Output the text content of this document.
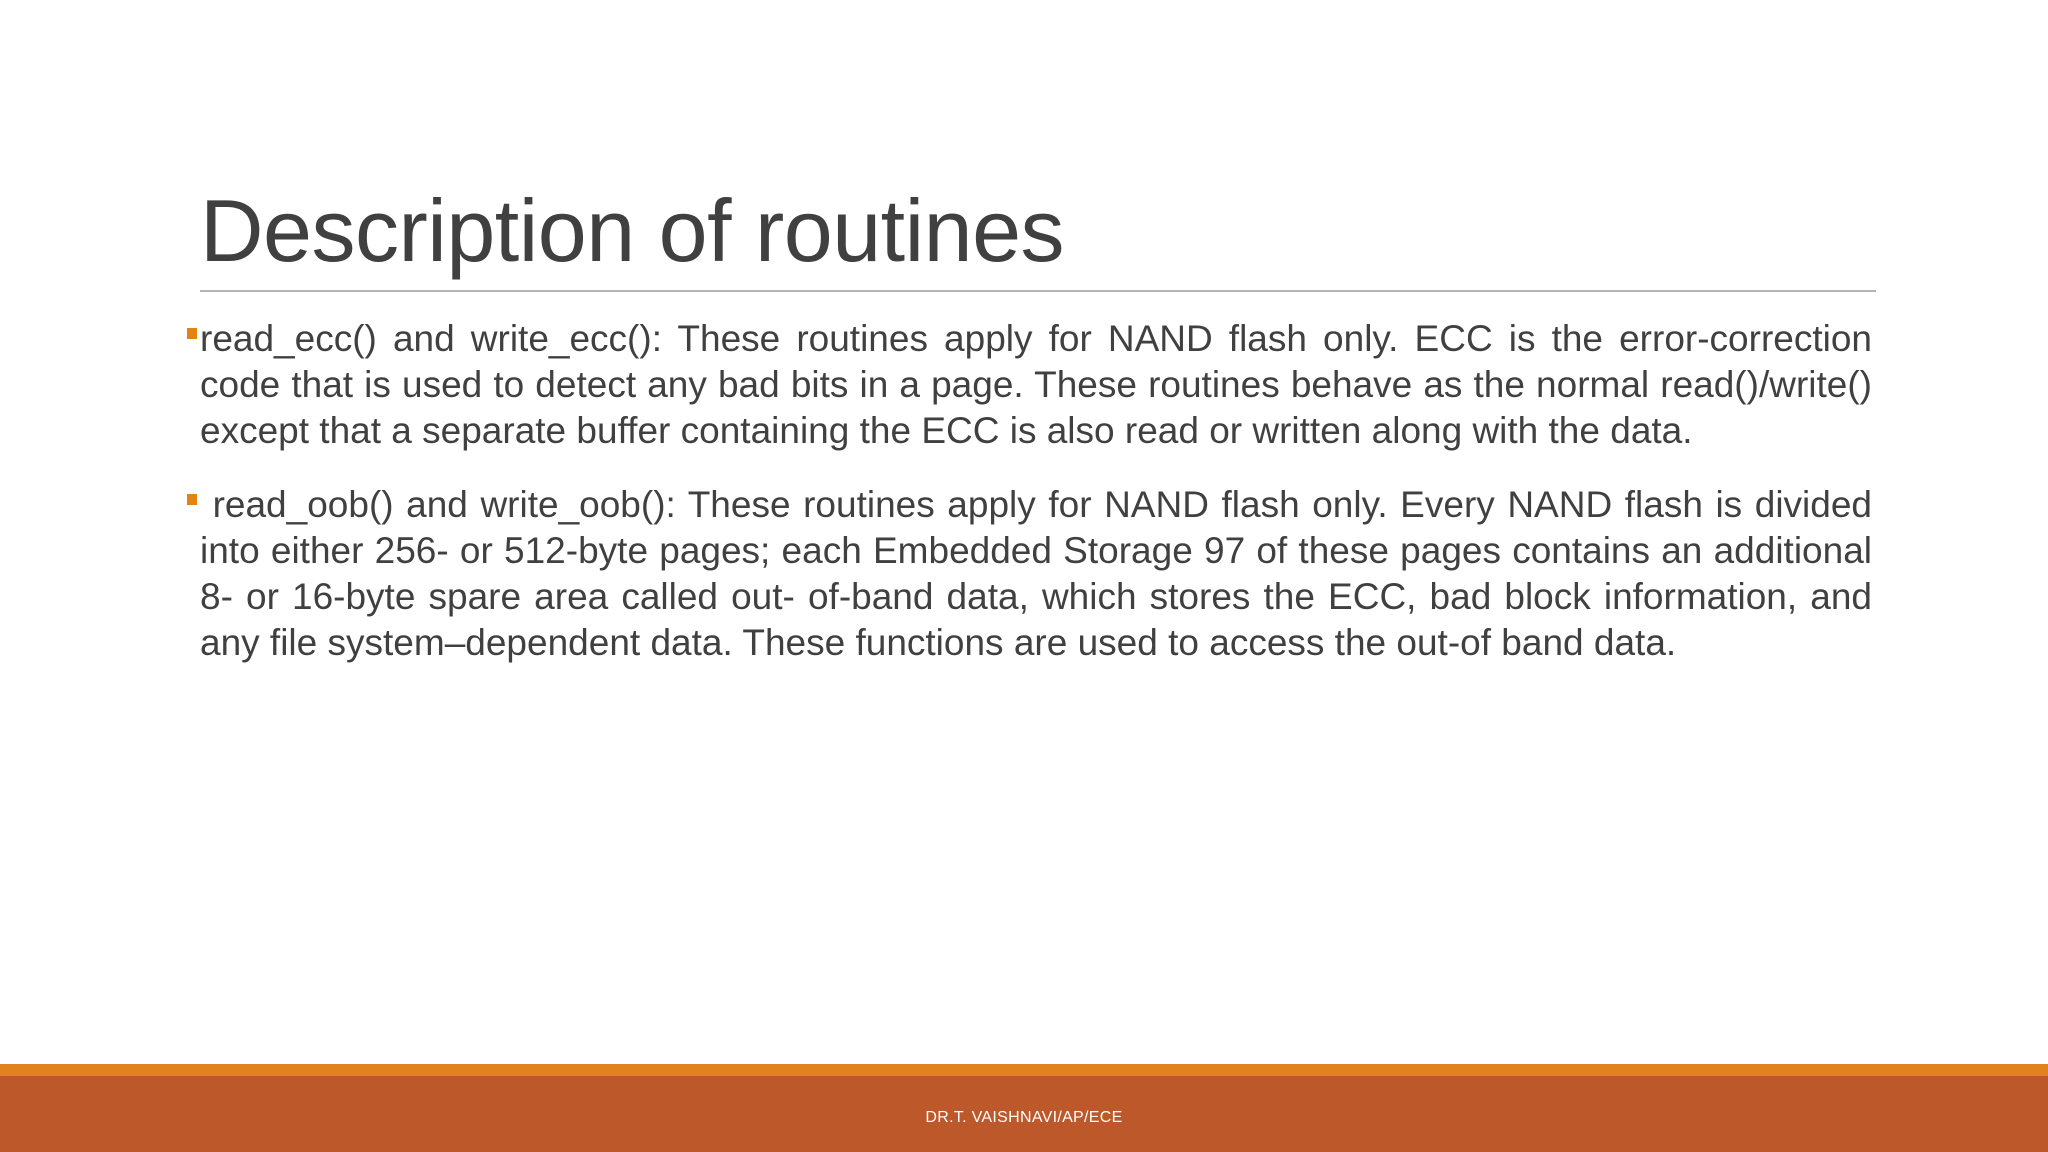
Description of routines
read_ecc() and write_ecc(): These routines apply for NAND flash only. ECC is the error-correction code that is used to detect any bad bits in a page. These routines behave as the normal read()/write() except that a separate buffer containing the ECC is also read or written along with the data.
read_oob() and write_oob(): These routines apply for NAND flash only. Every NAND flash is divided into either 256- or 512-byte pages; each Embedded Storage 97 of these pages contains an additional 8- or 16-byte spare area called out- of-band data, which stores the ECC, bad block information, and any file system–dependent data. These functions are used to access the out-of band data.
DR.T. VAISHNAVI/AP/ECE
